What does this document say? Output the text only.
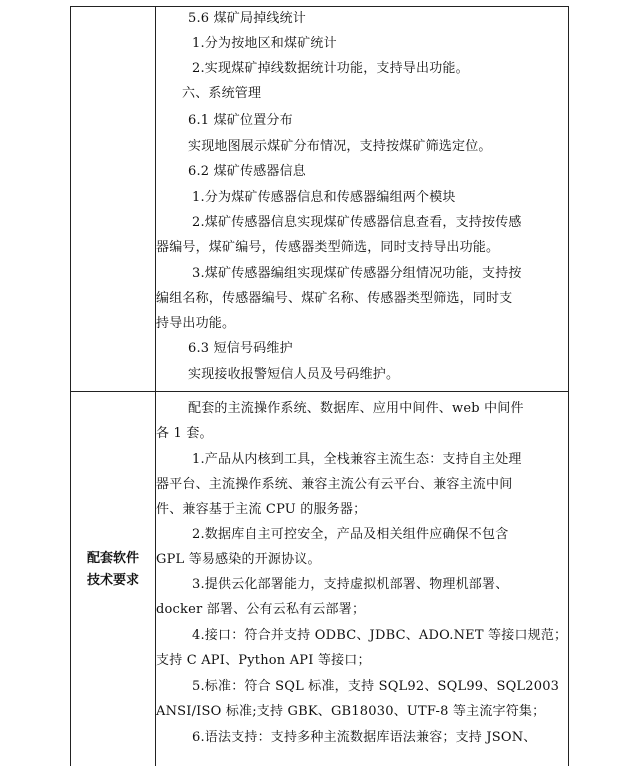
5.6 煤矿局掉线统计
1.分为按地区和煤矿统计
2.实现煤矿掉线数据统计功能，支持导出功能。
六、系统管理
6.1 煤矿位置分布
实现地图展示煤矿分布情况，支持按煤矿筛选定位。
6.2 煤矿传感器信息
1.分为煤矿传感器信息和传感器编组两个模块
2.煤矿传感器信息实现煤矿传感器信息查看，支持按传感
器编号，煤矿编号，传感器类型筛选，同时支持导出功能。
3.煤矿传感器编组实现煤矿传感器分组情况功能，支持按
编组名称，传感器编号、煤矿名称、传感器类型筛选，同时支
持导出功能。
6.3 短信号码维护
实现接收报警短信人员及号码维护。
配套软件
技术要求
配套的主流操作系统、数据库、应用中间件、web 中间件
各 1 套。
1.产品从内核到工具，全栈兼容主流生态：支持自主处理
器平台、主流操作系统、兼容主流公有云平台、兼容主流中间
件、兼容基于主流 CPU 的服务器；
2.数据库自主可控安全，产品及相关组件应确保不包含
GPL 等易感染的开源协议。
3.提供云化部署能力，支持虚拟机部署、物理机部署、
docker 部署、公有云私有云部署；
4.接口：符合并支持 ODBC、JDBC、ADO.NET 等接口规范；
支持 C API、Python API 等接口；
5.标准：符合 SQL 标准，支持 SQL92、SQL99、SQL2003
ANSI/ISO 标准;支持 GBK、GB18030、UTF-8 等主流字符集；
6.语法支持：支持多种主流数据库语法兼容；支持 JSON、
